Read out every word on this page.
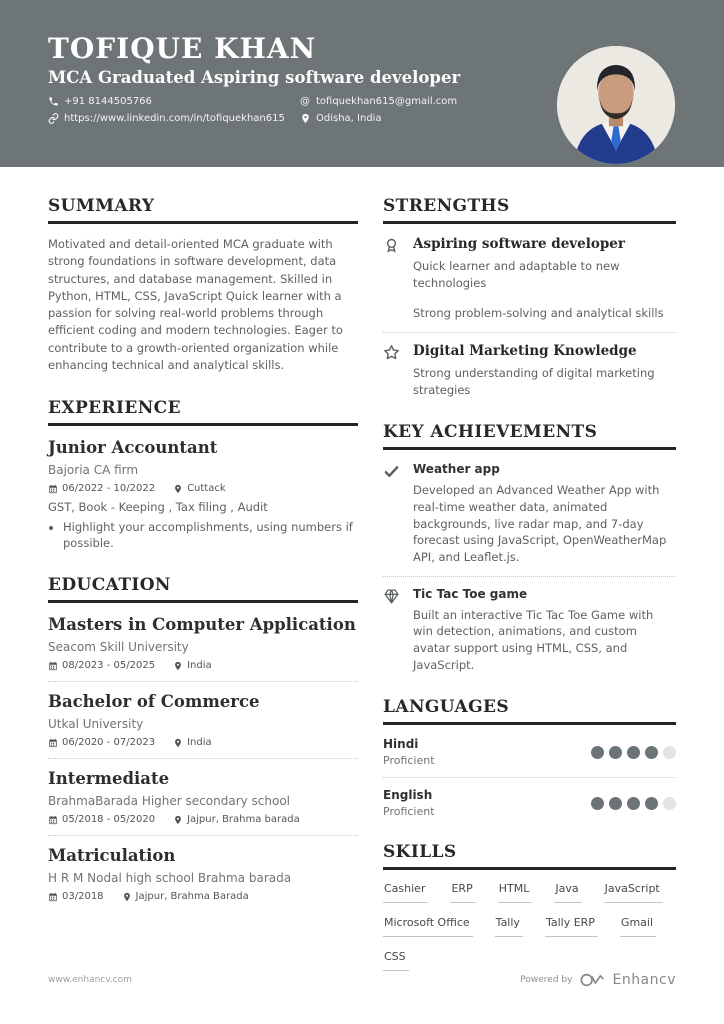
TOFIQUE KHAN
MCA Graduated Aspiring software developer
+91 8144505766	@ tofiquekhan615@gmail.com
https://www.linkedin.com/in/tofiquekhan615	Odisha, India
SUMMARY

Motivated and detail-oriented MCA graduate with strong foundations in software development, data structures, and database management. Skilled in Python, HTML, CSS, JavaScript Quick learner with a passion for solving real-world problems through efficient coding and modern technologies. Eager to contribute to a growth-oriented organization while enhancing technical and analytical skills.

EXPERIENCE
Junior Accountant
Bajoria CA firm
06/2022 - 10/2022	Cuttack
GST, Book - Keeping , Tax filing , Audit
• Highlight your accomplishments, using numbers if possible.
EDUCATION
Masters in Computer Application
Seacom Skill University
08/2023 - 05/2025	India
Bachelor of Commerce
Utkal University
06/2020 - 07/2023	India
Intermediate
BrahmaBarada Higher secondary school
05/2018 - 05/2020	Jajpur, Brahma barada
Matriculation
H R M Nodal high school Brahma barada
03/2018	Jajpur, Brahma Barada
STRENGTHS
Aspiring software developer

Quick learner and adaptable to new technologies

Strong problem-solving and analytical skills

Digital Marketing Knowledge

Strong understanding of digital marketing strategies

KEY ACHIEVEMENTS
Weather app

Developed an Advanced Weather App with real-time weather data, animated backgrounds, live radar map, and 7-day forecast using JavaScript, OpenWeatherMap API, and Leaflet.js.

Tic Tac Toe game

Built an interactive Tic Tac Toe Game with win detection, animations, and custom avatar support using HTML, CSS, and JavaScript.

LANGUAGES
Hindi
Proficient
English
Proficient
SKILLS
Cashier ERP HTML Java JavaScript
Microsoft Office Tally Tally ERP Gmail
CSS
www.enhancv.com	Powered by	Enhancv
